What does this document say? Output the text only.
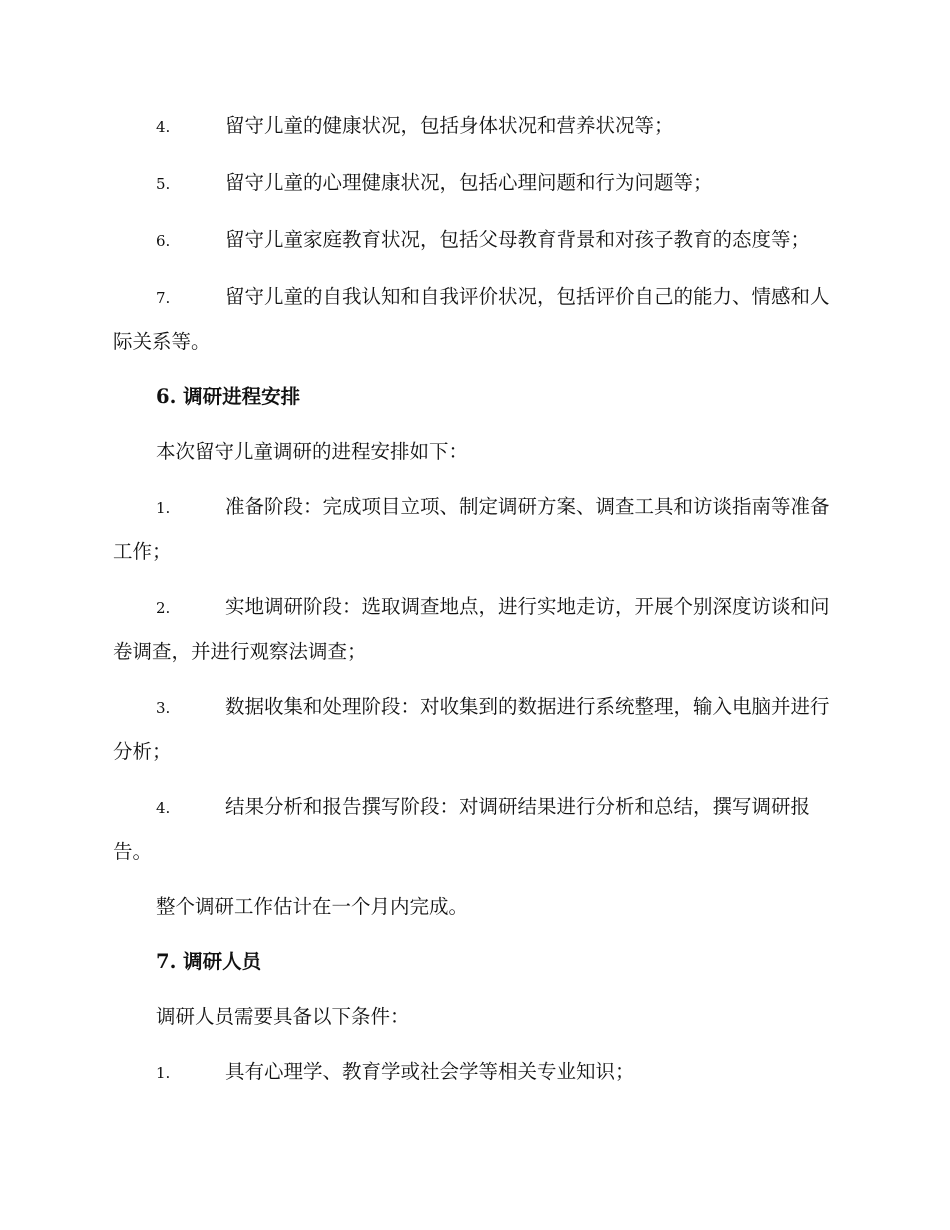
4.	留守儿童的健康状况，包括身体状况和营养状况等；

5.	留守儿童的心理健康状况，包括心理问题和行为问题等；

6.	留守儿童家庭教育状况，包括父母教育背景和对孩子教育的态度等；

7.	留守儿童的自我认知和自我评价状况，包括评价自己的能力、情感和人际关系等。

6. 调研进程安排

本次留守儿童调研的进程安排如下：

1.	准备阶段：完成项目立项、制定调研方案、调查工具和访谈指南等准备工作；

2.	实地调研阶段：选取调查地点，进行实地走访，开展个别深度访谈和问卷调查，并进行观察法调查；

3.	数据收集和处理阶段：对收集到的数据进行系统整理，输入电脑并进行分析；

4.	结果分析和报告撰写阶段：对调研结果进行分析和总结，撰写调研报告。

整个调研工作估计在一个月内完成。

7. 调研人员

调研人员需要具备以下条件：

1.	具有心理学、教育学或社会学等相关专业知识；
